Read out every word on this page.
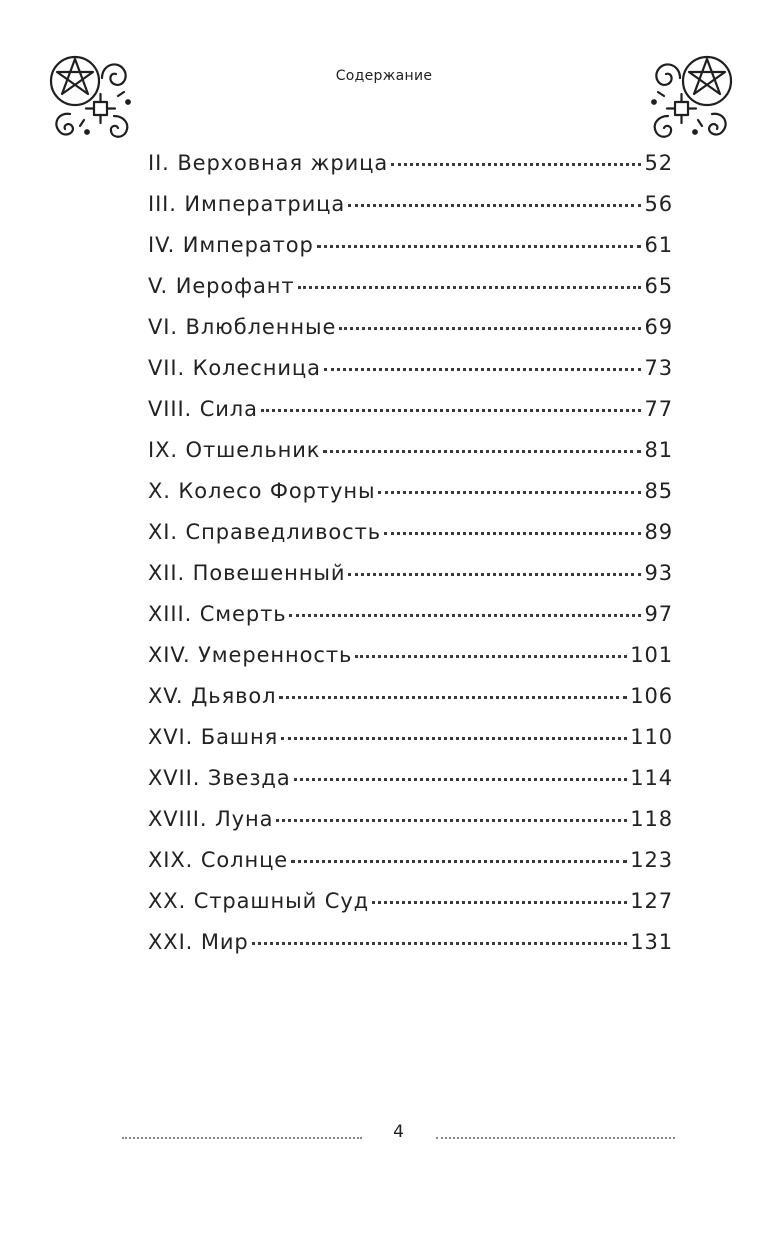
Содержание
II. Верховная жрица	52
III. Императрица	56
IV. Император	61
V. Иерофант	65
VI. Влюбленные	69
VII. Колесница	73
VIII. Сила	77
IX. Отшельник	81
X. Колесо Фортуны	85
XI. Справедливость	89
XII. Повешенный	93
XIII. Смерть	97
XIV. Умеренность	101
XV. Дьявол	106
XVI. Башня	110
XVII. Звезда	114
XVIII. Луна	118
XIX. Солнце	123
XX. Страшный Суд	127
XXI. Мир	131
4
